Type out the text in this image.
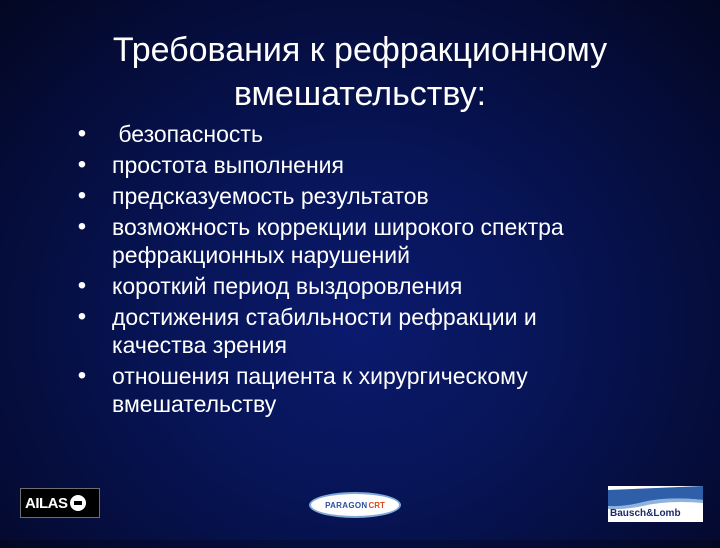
Требования к рефракционному
вмешательству:
• безопасность
• простота выполнения
• предсказуемость результатов
• возможность коррекции широкого спектра
рефракционных нарушений
• короткий период выздоровления
• достижения стабильности рефракции и
качества зрения
• отношения пациента к хирургическому
вмешательству
AILAS	PARAGON CRT
Bausch&Lomb
